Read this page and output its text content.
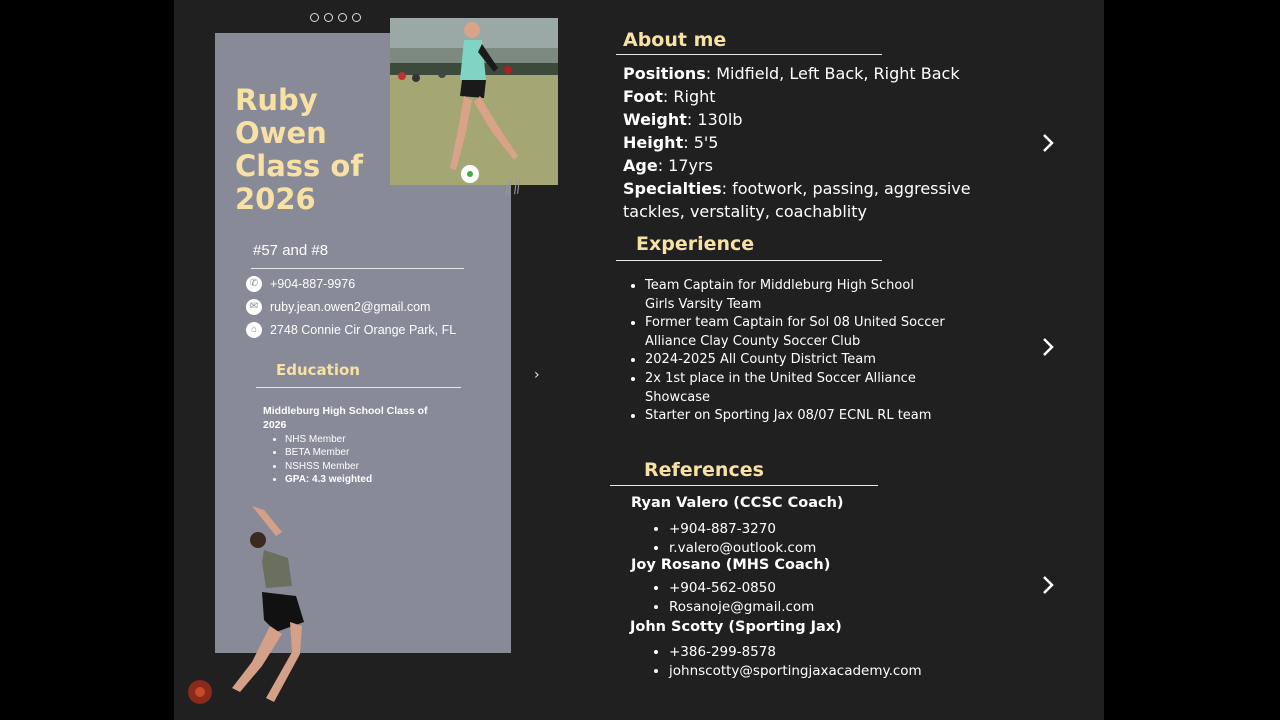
Ruby Owen Class of 2026
#57 and #8
✆ +904-887-9976
✉ ruby.jean.owen2@gmail.com
⌂	2748 Connie Cir Orange Park, FL
Education
Middleburg High School Class of 2026
• NHS Member
• BETA Member
• NSHSS Member
• GPA: 4.3 weighted
⫽⫽
›
About me
Positions: Midfield, Left Back, Right Back
Foot: Right
Weight: 130lb
Height: 5'5
Age: 17yrs
Specialties: footwork, passing, aggressive tackles, verstality, coachablity
Experience
• Team Captain for Middleburg High School Girls Varsity Team
• Former team Captain for Sol 08 United Soccer Alliance Clay County Soccer Club
• 2024-2025 All County District Team
• 2x 1st place in the United Soccer Alliance Showcase
• Starter on Sporting Jax 08/07 ECNL RL team
References
Ryan Valero (CCSC Coach)
• +904-887-3270
• r.valero@outlook.com
Joy Rosano (MHS Coach)
• +904-562-0850
• Rosanoje@gmail.com
John Scotty (Sporting Jax)
• +386-299-8578
• johnscotty@sportingjaxacademy.com
